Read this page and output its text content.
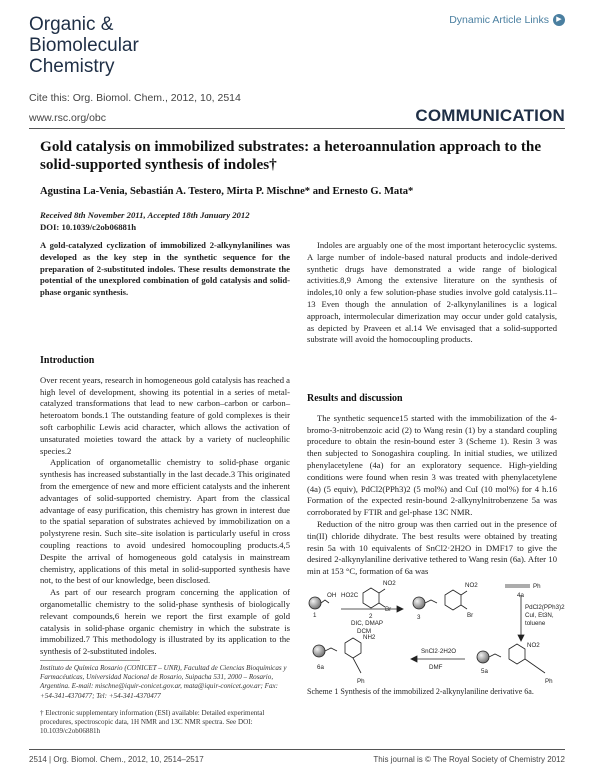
Organic &
Biomolecular
Chemistry
Dynamic Article Links	▶
Cite this: Org. Biomol. Chem., 2012, 10, 2514
www.rsc.org/obc	COMMUNICATION
Gold catalysis on immobilized substrates: a heteroannulation approach to the solid-supported synthesis of indoles†
Agustina La-Venia, Sebastián A. Testero, Mirta P. Mischne* and Ernesto G. Mata*
Received 8th November 2011, Accepted 18th January 2012
DOI: 10.1039/c2ob06881h
A gold-catalyzed cyclization of immobilized 2-alkynylanilines was developed as the key step in the synthetic sequence for the preparation of 2-substituted indoles. These results demonstrate the potential of the unexplored combination of gold catalysis and solid-phase organic synthesis.
Introduction

Over recent years, research in homogeneous gold catalysis has reached a high level of development, showing its potential in a series of metal-catalyzed transformations that lead to new carbon–carbon or carbon–heteroatom bonds.1 The outstanding feature of gold complexes is their soft carbophilic Lewis acid character, which allows the activation of unsaturated moieties toward the attack by a variety of nucleophilic species.2

Application of organometallic chemistry to solid-phase organic synthesis has increased substantially in the last decade.3 This originated from the emergence of new and more efficient catalysts and the inherent advantages of solid-supported chemistry. Apart from the classical advantage of easy purification, this chemistry has grown in interest due to the spatial separation of substrates achieved by immobilization on a polystyrene resin. Such site–site isolation is particularly useful in cross coupling reactions to avoid undesired homocoupling products.4,5 Despite the arrival of homogeneous gold catalysis in mainstream chemistry, applications of this metal in solid-supported synthesis have not, to the best of our knowledge, been disclosed.

As part of our research program concerning the application of organometallic chemistry to the solid-phase synthesis of biologically relevant compounds,6 herein we report the first example of gold catalysis in solid-phase organic chemistry in which the substrate is immobilized.7 This methodology is illustrated by its application to the synthesis of 2-substituted indoles.

Instituto de Química Rosario (CONICET – UNR), Facultad de Ciencias Bioquímicas y Farmacéuticas, Universidad Nacional de Rosario, Suipacha 531, 2000 – Rosario, Argentina. E-mail: mischne@iquir-conicet.gov.ar, mata@iquir-conicet.gov.ar; Fax: +54-341-4370477; Tel: +54-341-4370477
† Electronic supplementary information (ESI) available: Detailed experimental procedures, spectroscopic data, 1H NMR and 13C NMR spectra. See DOI: 10.1039/c2ob06881h
Indoles are arguably one of the most important heterocyclic systems. A large number of indole-based natural products and indole-derived synthetic drugs have demonstrated a wide range of biological activities.8,9 Among the extensive literature on the synthesis of indoles,10 only a few solution-phase studies involve gold catalysis.11–13 Even though the annulation of 2-alkynylanilines is a logical approach, intermolecular dimerization may occur under gold catalysis, as depicted by Praveen et al.14 We envisaged that a solid-supported substrate will avoid the homocoupling products.
Results and discussion

The synthetic sequence15 started with the immobilization of the 4-bromo-3-nitrobenzoic acid (2) to Wang resin (1) by a standard coupling procedure to obtain the resin-bound ester 3 (Scheme 1). Resin 3 was then subjected to Sonogashira coupling. In initial studies, we utilized phenylacetylene (4a) for an exploratory sequence. High-yielding conditions were found when resin 3 was treated with phenylacetylene (4a) (5 equiv), PdCl2(PPh3)2 (5 mol%) and CuI (10 mol%) for 4 h.16 Formation of the expected resin-bound 2-alkynylnitrobenzene 5a was corroborated by FTIR and gel-phase 13C NMR.

Reduction of the nitro group was then carried out in the presence of tin(II) chloride dihydrate. The best results were obtained by treating resin 5a with 10 equivalents of SnCl2·2H2O in DMF17 to give the desired 2-alkynylaniline derivative tethered to Wang resin (6a). After 10 min at 153 °C, formation of 6a was

1
OH HO2C
NO2
Br
2
DIC, DMAP
DCM
3
NO2
Br
4a
Ph
PdCl2(PPh3)2
CuI, Et3N,
toluene
NH2
SnCl2·2H2O
DMF
6a
Ph
5a
NO2
Ph
Scheme 1 Synthesis of the immobilized 2-alkynylaniline derivative 6a.
2514 | Org. Biomol. Chem., 2012, 10, 2514–2517	This journal is © The Royal Society of Chemistry 2012
